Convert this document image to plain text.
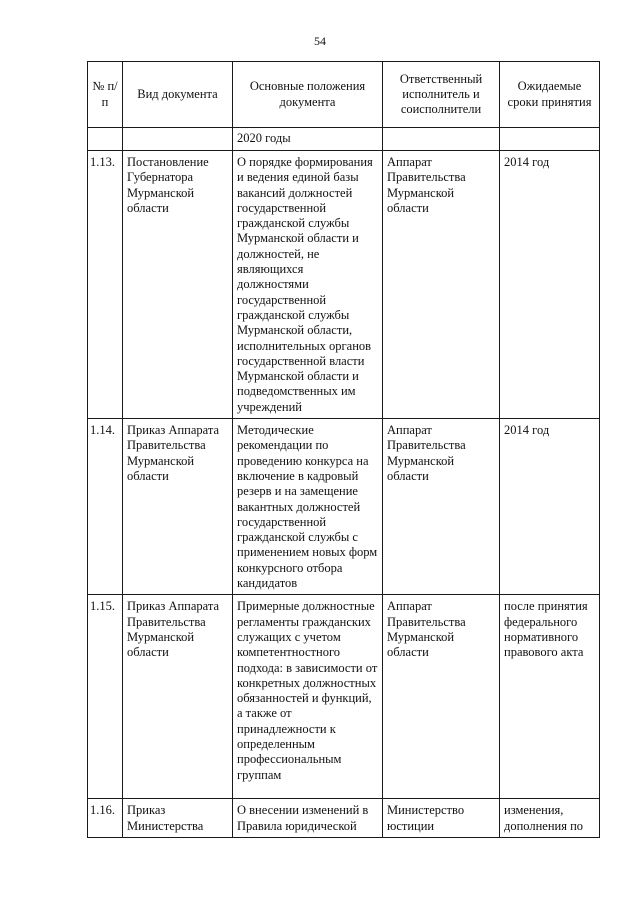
54
№ п/п	Вид документа	Основные положения документа	Ответственный исполнитель и соисполнители	Ожидаемые сроки принятия
		2020 годы		
1.13.	Постановление Губернатора Мурманской области	О порядке формирования и ведения единой базы вакансий должностей государственной гражданской службы Мурманской области и должностей, не являющихся должностями государственной гражданской службы Мурманской области, исполнительных органов государственной власти Мурманской области и подведомственных им учреждений	Аппарат Правительства Мурманской области	2014 год
1.14.	Приказ Аппарата Правительства Мурманской области	Методические рекомендации по проведению конкурса на включение в кадровый резерв и на замещение вакантных должностей государственной гражданской службы с применением новых форм конкурсного отбора кандидатов	Аппарат Правительства Мурманской области	2014 год
1.15.	Приказ Аппарата Правительства Мурманской области	Примерные должностные регламенты гражданских служащих с учетом компетентностного подхода: в зависимости от конкретных должностных обязанностей и функций, а также от принадлежности к определенным профессиональным группам	Аппарат Правительства Мурманской области	после принятия федерального нормативного правового акта
1.16.	Приказ Министерства	О внесении изменений в Правила юридической	Министерство юстиции	изменения, дополнения по
